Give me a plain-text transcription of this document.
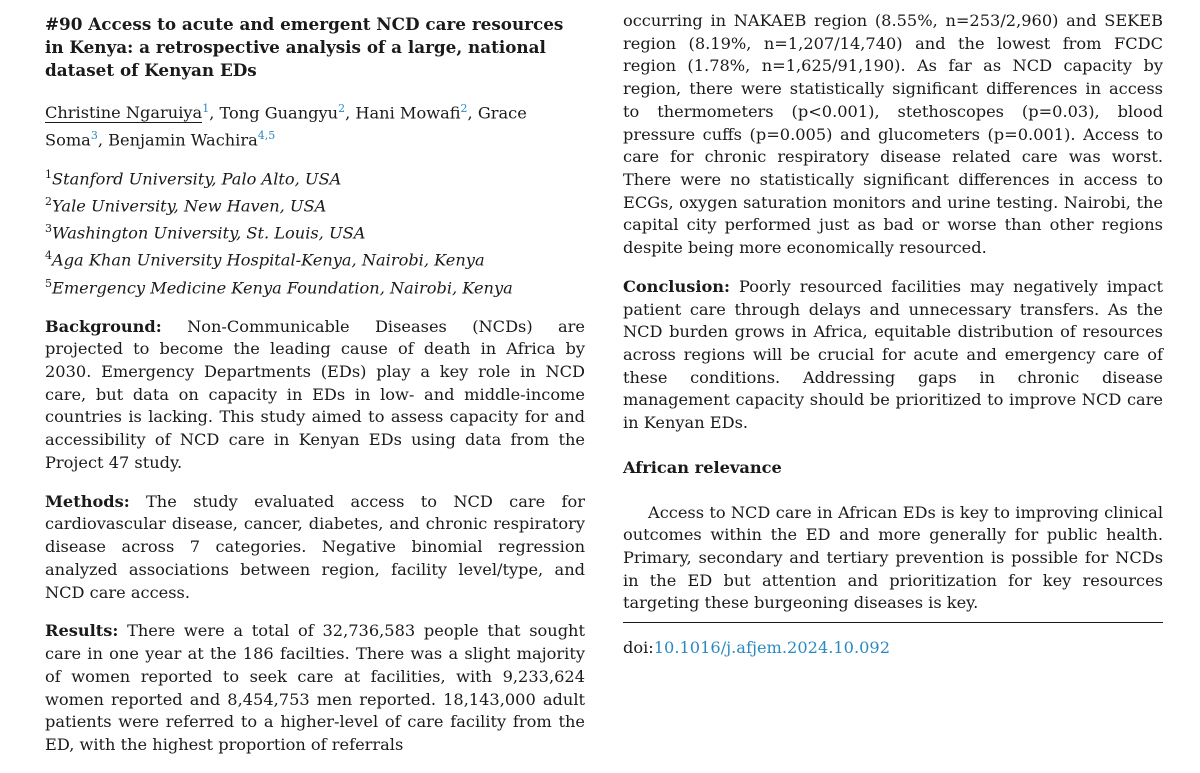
#90 Access to acute and emergent NCD care resources in Kenya: a retrospective analysis of a large, national dataset of Kenyan EDs

Christine Ngaruiya$^1$, Tong Guangyu$^2$, Hani Mowafi$^2$, Grace Soma$^3$, Benjamin Wachira$^{4,5}$
$^1$Stanford University, Palo Alto, USA
$^2$Yale University, New Haven, USA
$^3$Washington University, St. Louis, USA
$^4$Aga Khan University Hospital-Kenya, Nairobi, Kenya
$^5$Emergency Medicine Kenya Foundation, Nairobi, Kenya

Background: Non-Communicable Diseases (NCDs) are projected to become the leading cause of death in Africa by 2030. Emergency Departments (EDs) play a key role in NCD care, but data on capacity in EDs in low- and middle-income countries is lacking. This study aimed to assess capacity for and accessibility of NCD care in Kenyan EDs using data from the Project 47 study.

Methods: The study evaluated access to NCD care for cardiovascular disease, cancer, diabetes, and chronic respiratory disease across 7 categories. Negative binomial regression analyzed associations between region, facility level/type, and NCD care access.

Results: There were a total of 32,736,583 people that sought care in one year at the 186 facilties. There was a slight majority of women reported to seek care at facilities, with 9,233,624 women reported and 8,454,753 men reported. 18,143,000 adult patients were referred to a higher-level of care facility from the ED, with the highest proportion of referrals

occurring in NAKAEB region (8.55%, n=253/2,960) and SEKEB region (8.19%, n=1,207/14,740) and the lowest from FCDC region (1.78%, n=1,625/91,190). As far as NCD capacity by region, there were statistically significant differences in access to thermometers (p<0.001), stethoscopes (p=0.03), blood pressure cuffs (p=0.005) and glucometers (p=0.001). Access to care for chronic respiratory disease related care was worst. There were no statistically significant differences in access to ECGs, oxygen saturation monitors and urine testing. Nairobi, the capital city performed just as bad or worse than other regions despite being more economically resourced.

Conclusion: Poorly resourced facilities may negatively impact patient care through delays and unnecessary transfers. As the NCD burden grows in Africa, equitable distribution of resources across regions will be crucial for acute and emergency care of these conditions. Addressing gaps in chronic disease management capacity should be prioritized to improve NCD care in Kenyan EDs.

African relevance

Access to NCD care in African EDs is key to improving clinical outcomes within the ED and more generally for public health. Primary, secondary and tertiary prevention is possible for NCDs in the ED but attention and prioritization for key resources targeting these burgeoning diseases is key.

doi:10.1016/j.afjem.2024.10.092
